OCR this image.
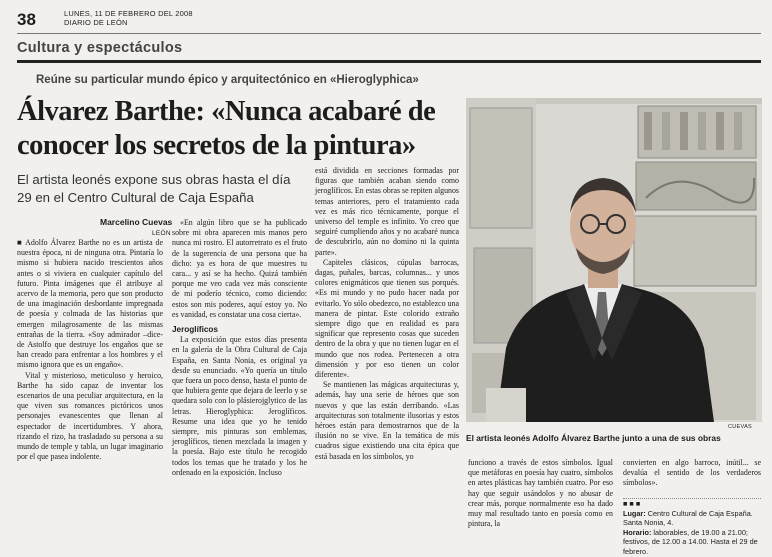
38	LUNES, 11 DE FEBRERO DEL 2008
DIARIO DE LEÓN
Cultura y espectáculos
Reúne su particular mundo épico y arquitectónico en «Hieroglyphica»
Álvarez Barthe: «Nunca acabaré de
conocer los secretos de la pintura»
El artista leonés expone sus obras hasta el día 29 en el Centro Cultural de Caja España
Marcelino Cuevas
LEÓN

■ Adolfo Álvarez Barthe no es un artista de nuestra época, ni de ninguna otra. Pintaría lo mismo si hubiera nacido trescientos años antes o si viviera en cualquier capítulo del futuro. Pinta imágenes que él atribuye al acervo de la memoria, pero que son producto de una imaginación desbordante impregnada de poesía y colmada de las historias que emergen milagrosamente de las mismas entrañas de la tierra. «Soy admirador –dice- de Astolfo que destruye los engaños que se han creado para enfrentar a los hombres y el mismo ignora que es un engaño».

Vital y misterioso, meticuloso y heroico, Barthe ha sido capaz de inventar los escenarios de una peculiar arquitectura, en la que viven sus romances pictóricos unos personajes evanescentes que llenan al espectador de incertidumbres. Y ahora, rizando el rizo, ha trasladado su persona a su mundo de temple y tabla, un lugar imaginario por el que pasea indolente.

«En algún libro que se ha publicado sobre mi obra aparecen mis manos pero nunca mi rostro. El autorretrato es el fruto de la sugerencia de una persona que ha dicho: ya es hora de que muestres tu cara... y así se ha hecho. Quizá también porque me veo cada vez más consciente de mi poderío técnico, como diciendo: estos son mis poderes, aquí estoy yo. No es vanidad, es constatar una cosa cierta».

Jeroglíficos

La exposición que estos días presenta en la galería de la Obra Cultural de Caja España, en Santa Nonia, es original ya desde su enunciado. «Yo quería un título que fuera un poco denso, hasta el punto de que hubiera gente que dejara de leerlo y se quedara solo con lo plásierojglytico de las letras. Hieroglyphica: Jeroglíficos. Resume una idea que yo he tenido siempre, mis pinturas son emblemas, jeroglíficos, tienen mezclada la imagen y la poesía. Bajo este título he recogido todos los temas que he tratado y los he ordenado en la exposición. Incluso

está dividida en secciones formadas por figuras que también acaban siendo como jeroglíficos. En estas obras se repiten algunos temas anteriores, pero el tratamiento cada vez es más rico técnicamente, porque el universo del temple es infinito. Yo creo que seguiré cumpliendo años y no acabaré nunca de descubrirlo, aún no domino ni la quinta parte».

Capiteles clásicos, cúpulas barrocas, dagas, puñales, barcas, columnas... y unos colores enigmáticos que tienen sus porqués. «Es mi mundo y no pudo hacer nada por evitarlo. Yo sólo obedezco, no establezco una manera de pintar. Este colorido extraño siempre digo que en realidad es para significar que represento cosas que suceden dentro de la obra y que no tienen lugar en el mundo que nos rodea. Pertenecen a otra dimensión y por eso tienen un color diferente».

Se mantienen las mágicas arquitecturas y, además, hay una serie de héroes que son nuevos y que las están derribando. «Las arquitecturas son totalmente ilusorias y estos héroes están para demostrarnos que de la ilusión no se vive. En la temática de mis cuadros sigue existiendo una cita épica que está basada en los símbolos, yo

CUEVAS
El artista leonés Adolfo Álvarez Barthe junto a una de sus obras

funciono a través de estos símbolos. Igual que metáforas en poesía hay cuatro, símbolos en artes plásticas hay también cuatro. Por eso hay que seguir usándolos y no abusar de crear más, porque normalmente eso ha dado muy mal resultado tanto en poesía como en pintura, la

convierten en algo barroco, inútil... se devalúa el sentido de los verdaderos símbolos».

■ ■ ■
Lugar: Centro Cultural de Caja España. Santa Nonia, 4.
Horario: laborables, de 19.00 a 21.00; festivos, de 12.00 a 14.00. Hasta el 29 de febrero.
